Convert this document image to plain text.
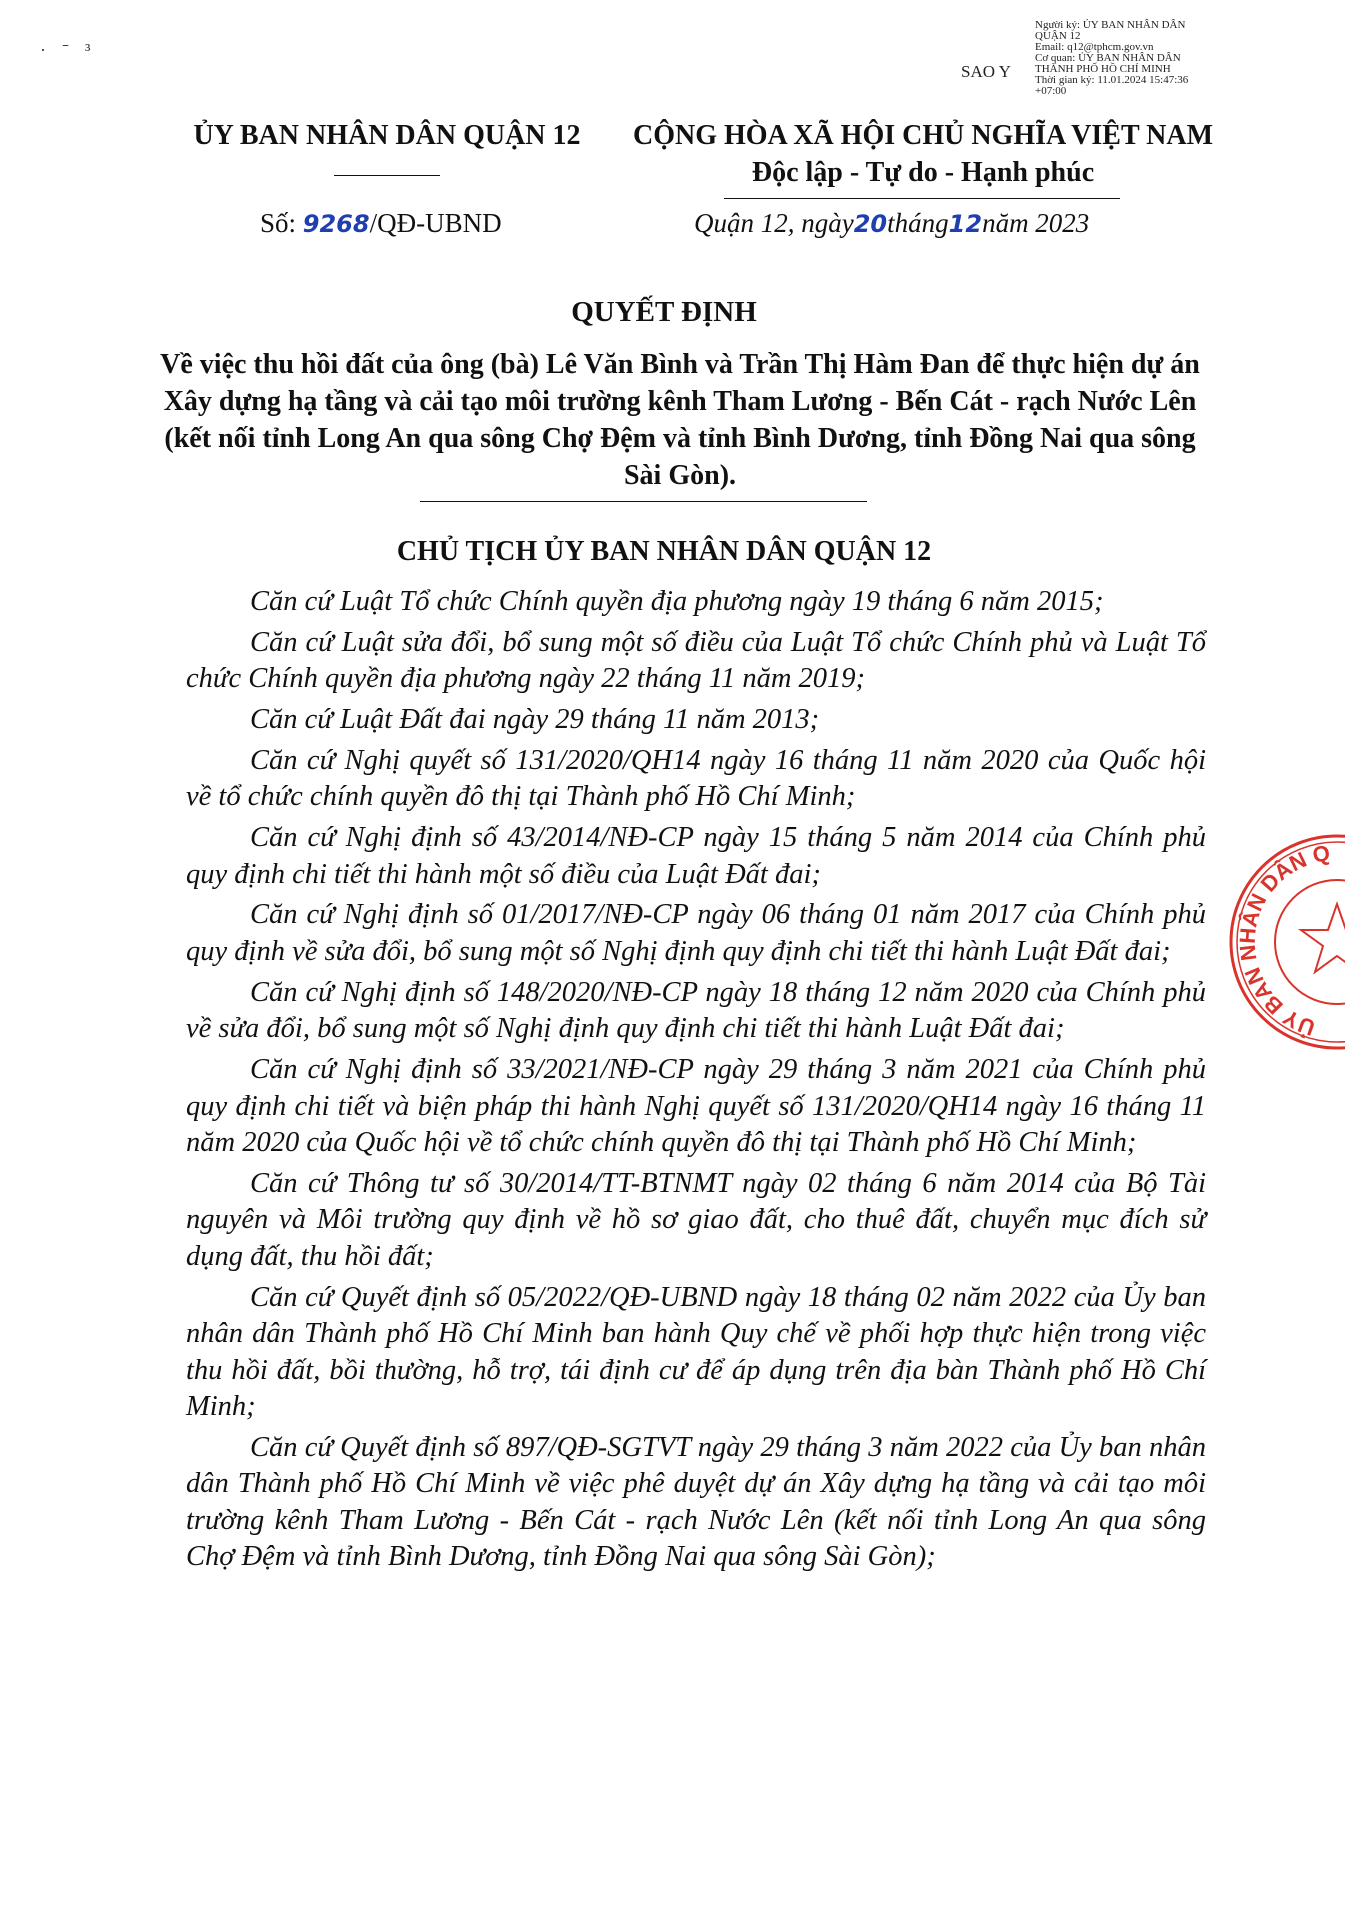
· ˉ ³
SAO Y
Người ký: ỦY BAN NHÂN DÂN
QUẬN 12
Email: q12@tphcm.gov.vn
Cơ quan: ỦY BAN NHÂN DÂN
THÀNH PHỐ HỒ CHÍ MINH
Thời gian ký: 11.01.2024 15:47:36
+07:00
ỦY BAN NHÂN DÂN QUẬN 12	CỘNG HÒA XÃ HỘI CHỦ NGHĨA VIỆT NAM
Độc lập - Tự do - Hạnh phúc
Số: 9268/QĐ-UBND	Quận 12, ngày20tháng12năm 2023
QUYẾT ĐỊNH
Về việc thu hồi đất của ông (bà) Lê Văn Bình và Trần Thị Hàm Đan để thực hiện dự án Xây dựng hạ tầng và cải tạo môi trường kênh Tham Lương - Bến Cát - rạch Nước Lên (kết nối tỉnh Long An qua sông Chợ Đệm và tỉnh Bình Dương, tỉnh Đồng Nai qua sông Sài Gòn).
CHỦ TỊCH ỦY BAN NHÂN DÂN QUẬN 12

Căn cứ Luật Tổ chức Chính quyền địa phương ngày 19 tháng 6 năm 2015;

Căn cứ Luật sửa đổi, bổ sung một số điều của Luật Tổ chức Chính phủ và Luật Tổ chức Chính quyền địa phương ngày 22 tháng 11 năm 2019;

Căn cứ Luật Đất đai ngày 29 tháng 11 năm 2013;

Căn cứ Nghị quyết số 131/2020/QH14 ngày 16 tháng 11 năm 2020 của Quốc hội về tổ chức chính quyền đô thị tại Thành phố Hồ Chí Minh;

Căn cứ Nghị định số 43/2014/NĐ-CP ngày 15 tháng 5 năm 2014 của Chính phủ quy định chi tiết thi hành một số điều của Luật Đất đai;

Căn cứ Nghị định số 01/2017/NĐ-CP ngày 06 tháng 01 năm 2017 của Chính phủ quy định về sửa đổi, bổ sung một số Nghị định quy định chi tiết thi hành Luật Đất đai;

Căn cứ Nghị định số 148/2020/NĐ-CP ngày 18 tháng 12 năm 2020 của Chính phủ về sửa đổi, bổ sung một số Nghị định quy định chi tiết thi hành Luật Đất đai;

Căn cứ Nghị định số 33/2021/NĐ-CP ngày 29 tháng 3 năm 2021 của Chính phủ quy định chi tiết và biện pháp thi hành Nghị quyết số 131/2020/QH14 ngày 16 tháng 11 năm 2020 của Quốc hội về tổ chức chính quyền đô thị tại Thành phố Hồ Chí Minh;

Căn cứ Thông tư số 30/2014/TT-BTNMT ngày 02 tháng 6 năm 2014 của Bộ Tài nguyên và Môi trường quy định về hồ sơ giao đất, cho thuê đất, chuyển mục đích sử dụng đất, thu hồi đất;

Căn cứ Quyết định số 05/2022/QĐ-UBND ngày 18 tháng 02 năm 2022 của Ủy ban nhân dân Thành phố Hồ Chí Minh ban hành Quy chế về phối hợp thực hiện trong việc thu hồi đất, bồi thường, hỗ trợ, tái định cư để áp dụng trên địa bàn Thành phố Hồ Chí Minh;

Căn cứ Quyết định số 897/QĐ-SGTVT ngày 29 tháng 3 năm 2022 của Ủy ban nhân dân Thành phố Hồ Chí Minh về việc phê duyệt dự án Xây dựng hạ tầng và cải tạo môi trường kênh Tham Lương - Bến Cát - rạch Nước Lên (kết nối tỉnh Long An qua sông Chợ Đệm và tỉnh Bình Dương, tỉnh Đồng Nai qua sông Sài Gòn);

ỦY BAN NHÂN DÂN Q
